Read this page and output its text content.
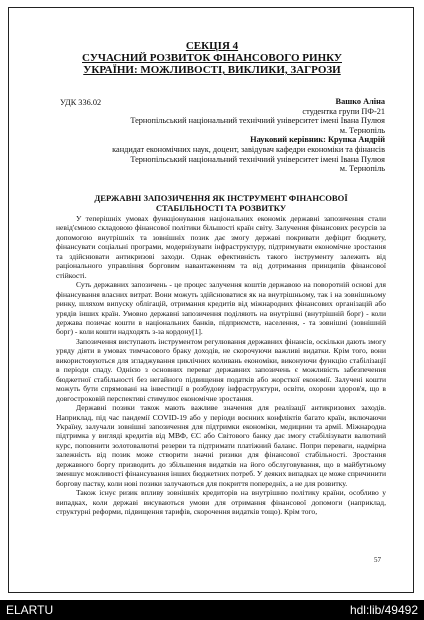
СЕКЦІЯ 4
СУЧАСНИЙ РОЗВИТОК ФІНАНСОВОГО РИНКУ
УКРАЇНИ: МОЖЛИВОСТІ, ВИКЛИКИ, ЗАГРОЗИ
УДК 336.02	Вашко Аліна
студентка групи ПФ-21
Тернопільський національний технічний університет імені Івана Пулюя
м. Тернопіль
Науковий керівник: Крупка Андрій
кандидат економічних наук, доцент, завідувач кафедри економіки та фінансів
Тернопільський національний технічний університет імені Івана Пулюя
м. Тернопіль
ДЕРЖАВНІ ЗАПОЗИЧЕННЯ ЯК ІНСТРУМЕНТ ФІНАНСОВОЇ
СТАБІЛЬНОСТІ ТА РОЗВИТКУ

У теперішніх умовах функціонування національних економік державні запозичення стали невід'ємною складовою фінансової політики більшості країн світу. Залучення фінансових ресурсів за допомогою внутрішніх та зовнішніх позик дає змогу державі покривати дефіцит бюджету, фінансувати соціальні програми, модернізувати інфраструктуру, підтримувати економічне зростання та здійснювати антикризові заходи. Однак ефективність такого інструменту залежить від раціонального управління борговим навантаженням та від дотримання принципів фінансової стійкості.

Суть державних запозичень - це процес залучення коштів державою на поворотній основі для фінансування власних витрат. Вони можуть здійснюватися як на внутрішньому, так і на зовнішньому ринку, шляхом випуску облігацій, отримання кредитів від міжнародних фінансових організацій або урядів інших країн. Умовно державні запозичення поділяють на внутрішні (внутрішній борг) - коли держава позичає кошти в національних банків, підприємств, населення, - та зовнішні (зовнішній борг) - коли кошти надходять з-за кордону[1].

Запозичення виступають інструментом регулювання державних фінансів, оскільки дають змогу уряду діяти в умовах тимчасового браку доходів, не скорочуючи важливі видатки. Крім того, вони використовуються для згладжування циклічних коливань економіки, виконуючи функцію стабілізації в періоди спаду. Однією з основних переваг державних запозичень є можливість забезпечення бюджетної стабільності без негайного підвищення податків або жорсткої економії. Залучені кошти можуть бути спрямовані на інвестиції в розбудову інфраструктури, освіти, охорони здоров'я, що в довгостроковій перспективі стимулює економічне зростання.

Державні позики також мають важливе значення для реалізації антикризових заходів. Наприклад, під час пандемії COVID-19 або у періоди воєнних конфліктів багато країн, включаючи Україну, залучали зовнішні запозичення для підтримки економіки, медицини та армії. Міжнародна підтримка у вигляді кредитів від МВФ, ЄС або Світового банку дає змогу стабілізувати валютний курс, поповнити золотовалютні резерви та підтримати платіжний баланс. Попри переваги, надмірна залежність від позик може створити значні ризики для фінансової стабільності. Зростання державного боргу призводить до збільшення видатків на його обслуговування, що в майбутньому зменшує можливості фінансування інших бюджетних потреб. У деяких випадках це може спричинити боргову пастку, коли нові позики залучаються для покриття попередніх, а не для розвитку.

Також існує ризик впливу зовнішніх кредиторів на внутрішню політику країни, особливо у випадках, коли державі висуваються умови для отримання фінансової допомоги (наприклад, структурні реформи, підвищення тарифів, скорочення видатків тощо). Крім того,

57
ELARTU	hdl:lib/49492
